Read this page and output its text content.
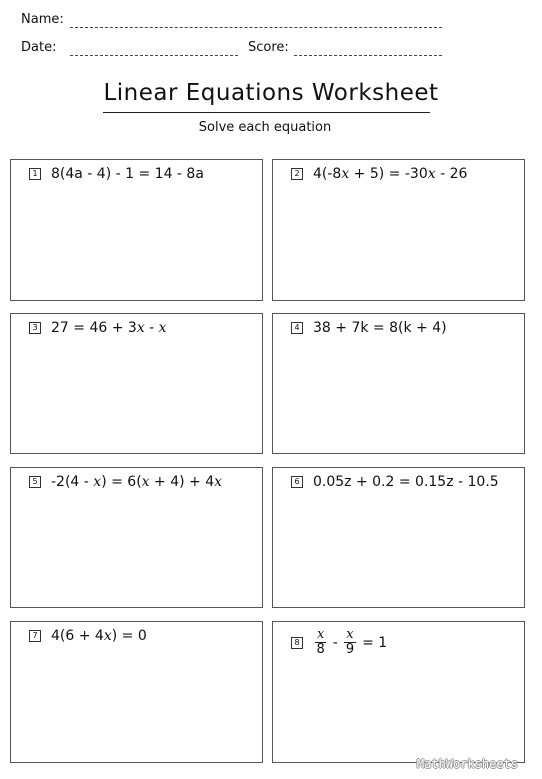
Name:
Date:	Score:
Linear Equations Worksheet
Solve each equation
1 8(4a - 4) - 1 = 14 - 8a	2 4(-8x + 5) = -30x - 26
3 27 = 46 + 3x - x	4 38 + 7k = 8(k + 4)
5 -2(4 - x) = 6(x + 4) + 4x	6 0.05z + 0.2 = 0.15z - 10.5
7 4(6 + 4x) = 0	$8 \frac{x}{8} - \frac{x}{9} = 1$
MathWorksheets
